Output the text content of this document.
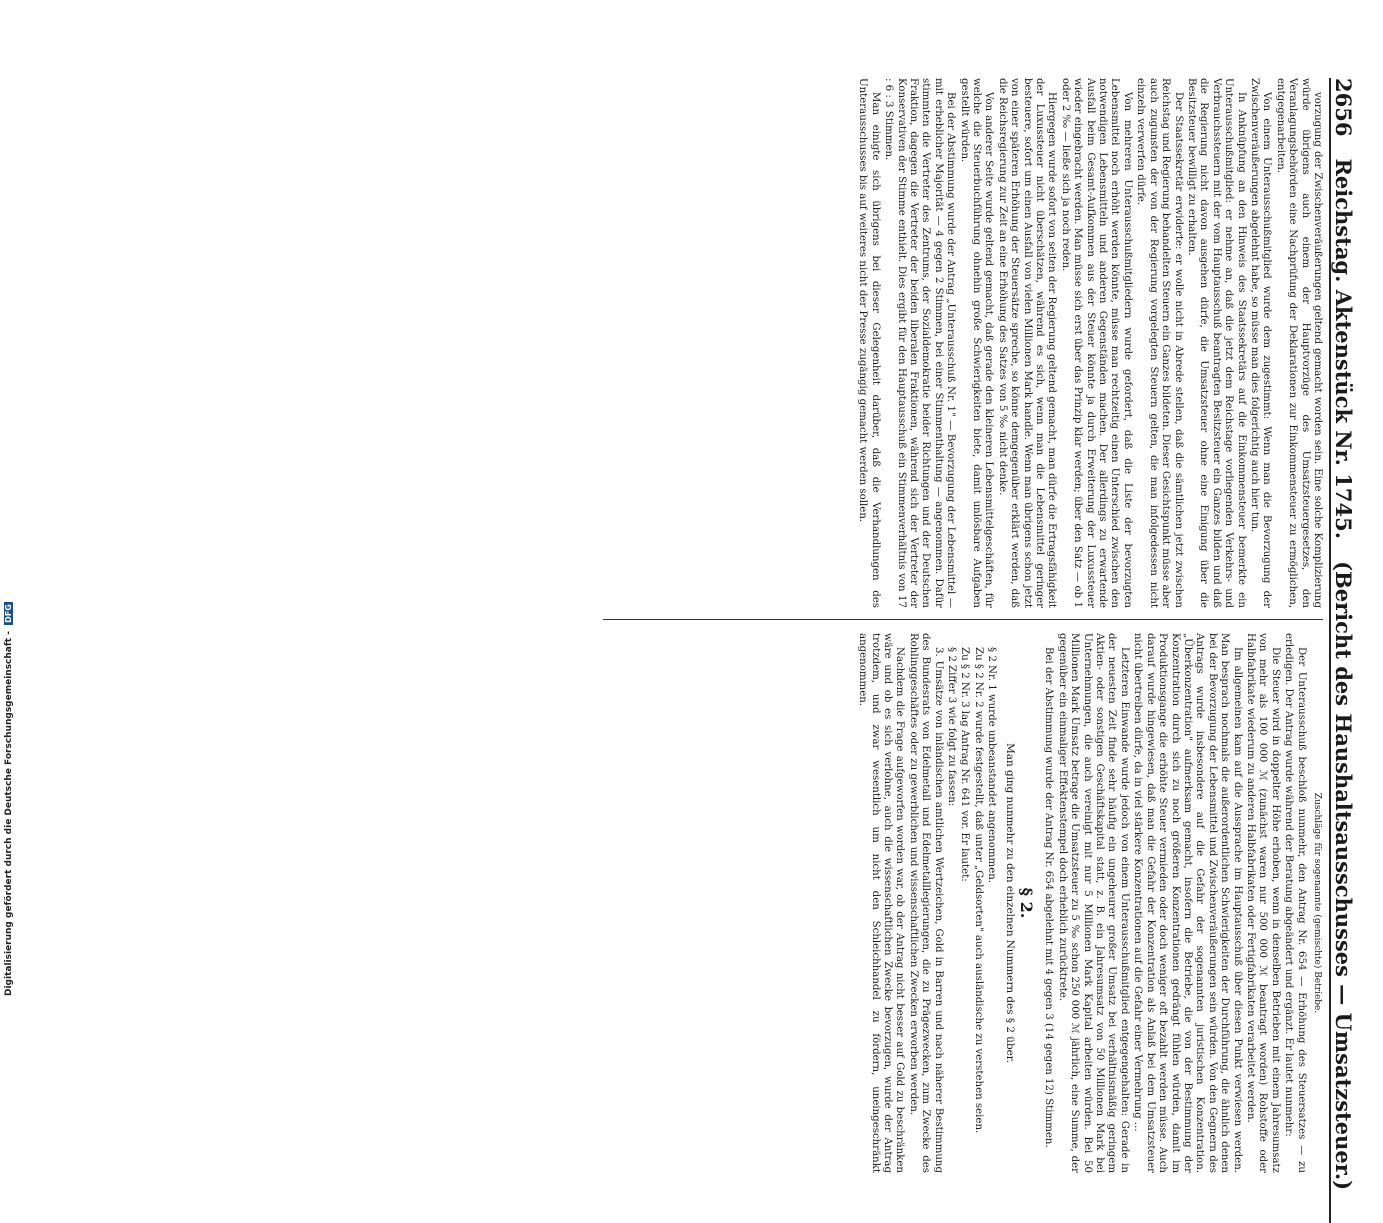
2656
Reichstag. Aktenstück Nr. 1745.
(Bericht des Haushaltsausschusses — Umsatzsteuer.)

vorzugung der Zwischenveräußerungen geltend gemacht worden sein. Eine solche Komplizierung würde übrigens auch einem der Hauptvorzüge des Umsatzsteuergesetzes, den Veranlagungsbehörden eine Nachprüfung der Deklarationen zur Einkommensteuer zu ermöglichen, entgegenarbeiten.

Von einem Unterausschußmitglied wurde dem zugestimmt: Wenn man die Bevorzugung der Zwischenveräußerungen abgelehnt habe, so müsse man dies folgerichtig auch hier tun.

In Anknüpfung an den Hinweis des Staatssekretärs auf die Einkommensteuer bemerkte ein Unterausschußmitglied: er nehme an, daß die jetzt dem Reichstage vorliegenden Verkehrs- und Verbrauchssteuern mit der vom Hauptausschuß beantragten Besitzsteuer ein Ganzes bilden und daß die Regierung nicht davon ausgehen dürfe, die Umsatzsteuer ohne eine Einigung über die Besitzsteuer bewilligt zu erhalten.

Der Staatssekretär erwiderte: er wolle nicht in Abrede stellen, daß die sämtlichen jetzt zwischen Reichstag und Regierung behandelten Steuern ein Ganzes bildeten. Dieser Gesichtspunkt müsse aber auch zugunsten der von der Regierung vorgelegten Steuern gelten, die man infolgedessen nicht einzeln verwerfen dürfe.

Von mehreren Unterausschußmitgliedern wurde gefordert, daß die Liste der bevorzugten Lebensmittel noch erhöht werden könnte, müsse man rechtzeitig einen Unterschied zwischen den notwendigen Lebensmitteln und anderen Gegenständen machen. Der allerdings zu erwartende Ausfall beim Gesamt-Aufkommen aus der Steuer könnte ja durch Erweiterung der Luxussteuer wieder eingebracht werden. Man müsse sich erst über das Prinzip klar werden; über den Satz — ob 1 oder 2 ‰ — ließe sich ja noch reden.

Hiergegen wurde sofort von seiten der Regierung geltend gemacht, man dürfe die Ertragsfähigkeit der Luxussteuer nicht überschätzen, während es sich, wenn man die Lebensmittel geringer besteuere, sofort um einen Ausfall von vielen Millionen Mark handle. Wenn man übrigens schon jetzt von einer späteren Erhöhung der Steuersätze spreche, so könne demgegenüber erklärt werden, daß die Reichsregierung zur Zeit an eine Erhöhung des Satzes von 5 ‰ nicht denke.

Von anderer Seite wurde geltend gemacht, daß gerade den kleineren Lebensmittelgeschäften, für welche die Steuerbuchführung ohnehin große Schwierigkeiten biete, damit unlösbare Aufgaben gestellt würden.

Bei der Abstimmung wurde der Antrag „Unterausschuß Nr. 1" — Bevorzugung der Lebensmittel — mit erheblicher Majorität — 4 gegen 2 Stimmen, bei einer Stimmenthaltung — angenommen. Dafür stimmten die Vertreter des Zentrums, der Sozialdemokratie beider Richtungen und der Deutschen Fraktion, dagegen die Vertreter der beiden liberalen Fraktionen, während sich der Vertreter der Konservativen der Stimme enthielt. Dies ergibt für den Hauptausschuß ein Stimmenverhältnis von 17 : 6 : 3 Stimmen.

Man einigte sich übrigens bei dieser Gelegenheit darüber, daß die Verhandlungen des Unterausschusses bis auf weiteres nicht der Presse zugängig gemacht werden sollen.

Zuschläge für sogenannte (gemischte) Betriebe.

Der Unterausschuß beschloß nunmehr, den Antrag Nr. 654 — Erhöhung des Steuersatzes — zu erledigen. Der Antrag wurde während der Beratung abgeändert und ergänzt. Er lautet nunmehr:

Die Steuer wird in doppelter Höhe erhoben, wenn in denselben Betrieben mit einem Jahresumsatz von mehr als 100 000 ℳ (zunächst waren nur 500 000 ℳ beantragt worden) Rohstoffe oder Halbfabrikate wiederum zu anderen Halbfabrikaten oder Fertigfabrikaten verarbeitet werden.

Im allgemeinen kam auf die Aussprache im Hauptausschuß über diesen Punkt verwiesen werden. Man besprach nochmals die außerordentlichen Schwierigkeiten der Durchführung, die ähnlich denen bei der Bevorzugung der Lebensmittel und Zwischenveräußerungen sein würden. Von den Gegnern des Antrags wurde insbesondere auf die Gefahr der sogenannten juristischen Konzentration. „Überkonzentration" aufmerksam gemacht, insofern die Betriebe, die von der Bestimmung der Konzentration durch sich zu noch größeren Konzentrationen gedrängt fühlen würden, damit im Produktionsgange die erhöhte Steuer vermieden oder doch weniger oft bezahlt werden müsse. Auch darauf wurde hingewiesen, daß man die Gefahr der Konzentration als Anlaß bei dem Umsatzsteuer nicht übertreiben dürfe, da in viel stärkere Konzentrationen auf die Gefahr einer Vermehrung ...

Letzteren Einwande wurde jedoch von einem Unterausschußmitglied entgegengehalten: Gerade in der neuesten Zeit finde sehr häufig ein ungeheurer großer Umsatz bei verhältnismäßig geringem Aktien- oder sonstigen Geschäftskapital statt, z. B. ein Jahresumsatz von 50 Millionen Mark bei Unternehmungen, die auch vereinigt mit nur 5 Millionen Mark Kapital arbeiten würden. Bei 50 Millionen Mark Umsatz betrage die Umsatzsteuer zu 5 ‰ schon 250 000 ℳ jährlich, eine Summe, der gegenüber ein einmaliger Effektenstempel doch erheblich zurücktrete.

Bei der Abstimmung wurde der Antrag Nr. 654 abgelehnt mit 4 gegen 3 (14 gegen 12) Stimmen.

§ 2.
Man ging nunmehr zu den einzelnen Nummern des § 2 über.

§ 2 Nr. 1 wurde unbeanstandet angenommen.

Zu § 2 Nr. 2 wurde festgestellt, daß unter „Geldsorten" auch ausländische zu verstehen seien.

Zu § 2 Nr. 3 lag Antrag Nr. 641 vor. Er lautet:

§ 2 Ziffer 3 wie folgt zu fassen:

3. Umsätze von inländischen amtlichen Wertzeichen, Gold in Barren und nach näherer Bestimmung des Bundesrats von Edelmetall und Edelmetalllegierungen, die zu Prägezwecken, zum Zwecke des Rohlinggeschäftes oder zu gewerblichen und wissenschaftlichen Zwecken erworben werden.

Nachdem die Frage aufgeworfen worden war, ob der Antrag nicht besser auf Gold zu beschränken wäre und ob es sich verlohne, auch die wissenschaftlichen Zwecke bevorzugen, wurde der Antrag trotzdem, und zwar wesentlich um nicht den Schleichhandel zu fördern, uneingeschränkt angenommen.

Digitalisierung gefördert durch die Deutsche Forschungsgemeinschaft - DFG
